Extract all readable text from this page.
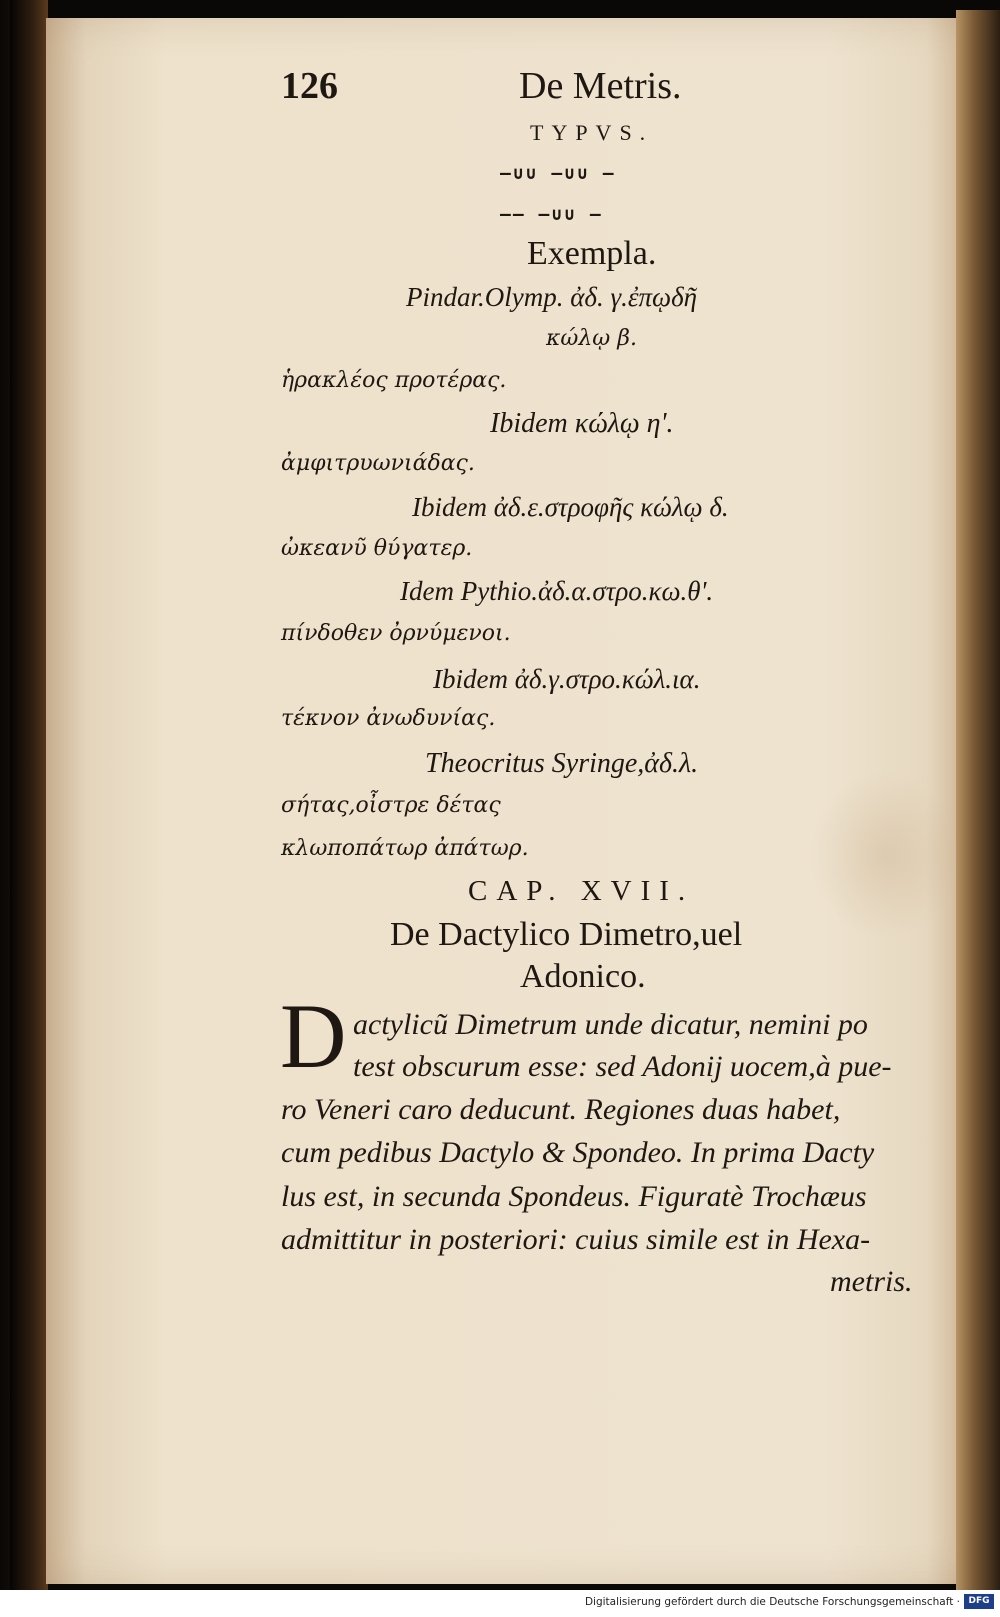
126	De Metris.
TYPVS.
–∪∪ –∪∪ –
–– –∪∪ –
Exempla.
Pindar.Olymp. ἀδ. γ.ἐπῳδῆ
κώλῳ β.
ἡρακλέος προτέρας.
Ibidem κώλῳ η'.
ἀμφιτρυωνιάδας.
Ibidem ἀδ.ε.στροφῆς κώλῳ δ.
ὠκεανῦ θύγατερ.
Idem Pythio.ἀδ.α.στρο.κω.θ'.
πίνδοθεν ὀρνύμενοι.
Ibidem ἀδ.γ.στρο.κώλ.ια.
τέκνον ἀνωδυνίας.
Theocritus Syringe,ἀδ.λ.
σήτας,οἶστρε δέτας
κλωποπάτωρ ἀπάτωρ.
CAP. XVII.
De Dactylico Dimetro,uel
Adonico.
D actylicũ Dimetrum unde dicatur, nemini po
test obscurum esse: sed Adonij uocem,à pue-
ro Veneri caro deducunt. Regiones duas habet,
cum pedibus Dactylo & Spondeo. In prima Dacty
lus est, in secunda Spondeus. Figuratè Trochæus
admittitur in posteriori: cuius simile est in Hexa-
metris.
Digitalisierung gefördert durch die Deutsche Forschungsgemeinschaft · DFG
